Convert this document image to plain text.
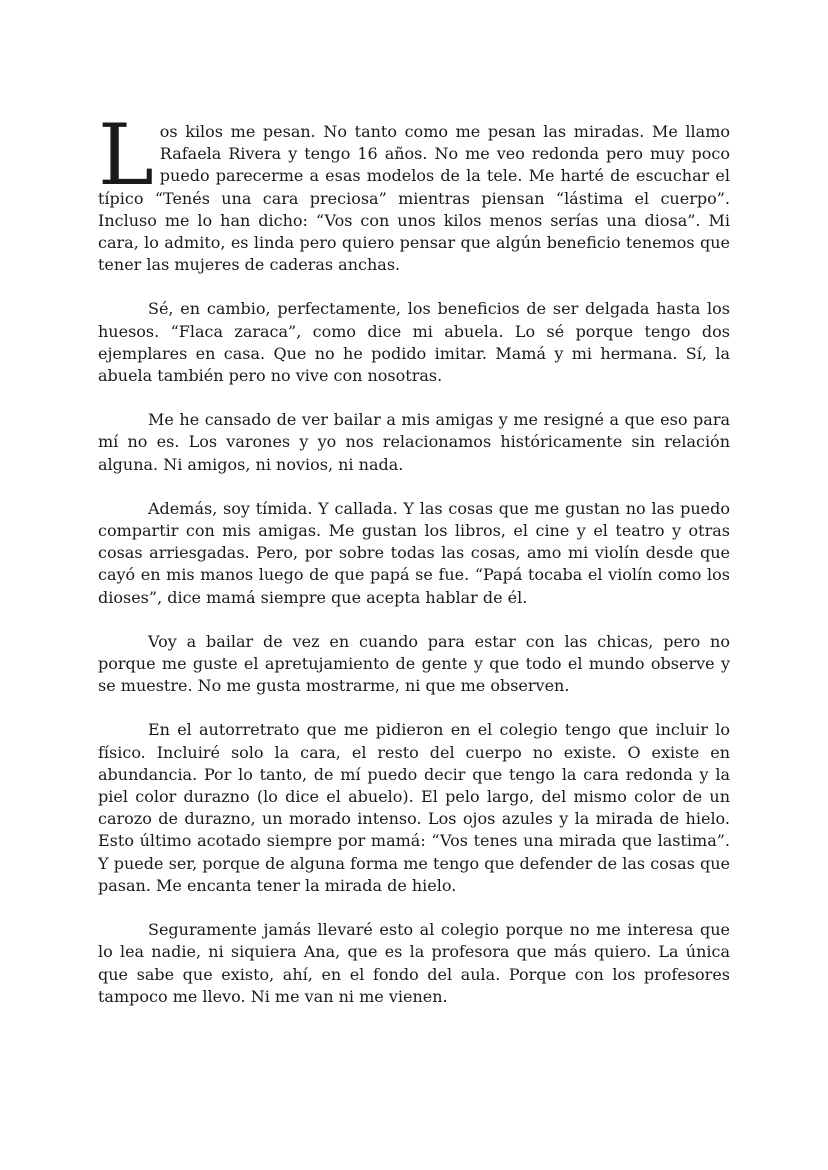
Los kilos me pesan. No tanto como me pesan las miradas. Me llamo Rafaela Rivera y tengo 16 años. No me veo redonda pero muy poco puedo parecerme a esas modelos de la tele. Me harté de escuchar el típico “Tenés una cara preciosa” mientras piensan “lástima el cuerpo”. Incluso me lo han dicho: “Vos con unos kilos menos serías una diosa”. Mi cara, lo admito, es linda pero quiero pensar que algún beneficio tenemos que tener las mujeres de caderas anchas.

Sé, en cambio, perfectamente, los beneficios de ser delgada hasta los huesos. “Flaca zaraca”, como dice mi abuela. Lo sé porque tengo dos ejemplares en casa. Que no he podido imitar. Mamá y mi hermana. Sí, la abuela también pero no vive con nosotras.

Me he cansado de ver bailar a mis amigas y me resigné a que eso para mí no es. Los varones y yo nos relacionamos históricamente sin relación alguna. Ni amigos, ni novios, ni nada.

Además, soy tímida. Y callada. Y las cosas que me gustan no las puedo compartir con mis amigas. Me gustan los libros, el cine y el teatro y otras cosas arriesgadas. Pero, por sobre todas las cosas, amo mi violín desde que cayó en mis manos luego de que papá se fue. “Papá tocaba el violín como los dioses”, dice mamá siempre que acepta hablar de él.

Voy a bailar de vez en cuando para estar con las chicas, pero no porque me guste el apretujamiento de gente y que todo el mundo observe y se muestre. No me gusta mostrarme, ni que me observen.

En el autorretrato que me pidieron en el colegio tengo que incluir lo físico. Incluiré solo la cara, el resto del cuerpo no existe. O existe en abundancia. Por lo tanto, de mí puedo decir que tengo la cara redonda y la piel color durazno (lo dice el abuelo). El pelo largo, del mismo color de un carozo de durazno, un morado intenso. Los ojos azules y la mirada de hielo. Esto último acotado siempre por mamá: “Vos tenes una mirada que lastima”. Y puede ser, porque de alguna forma me tengo que defender de las cosas que pasan. Me encanta tener la mirada de hielo.

Seguramente jamás llevaré esto al colegio porque no me interesa que lo lea nadie, ni siquiera Ana, que es la profesora que más quiero. La única que sabe que existo, ahí, en el fondo del aula. Porque con los profesores tampoco me llevo. Ni me van ni me vienen.
